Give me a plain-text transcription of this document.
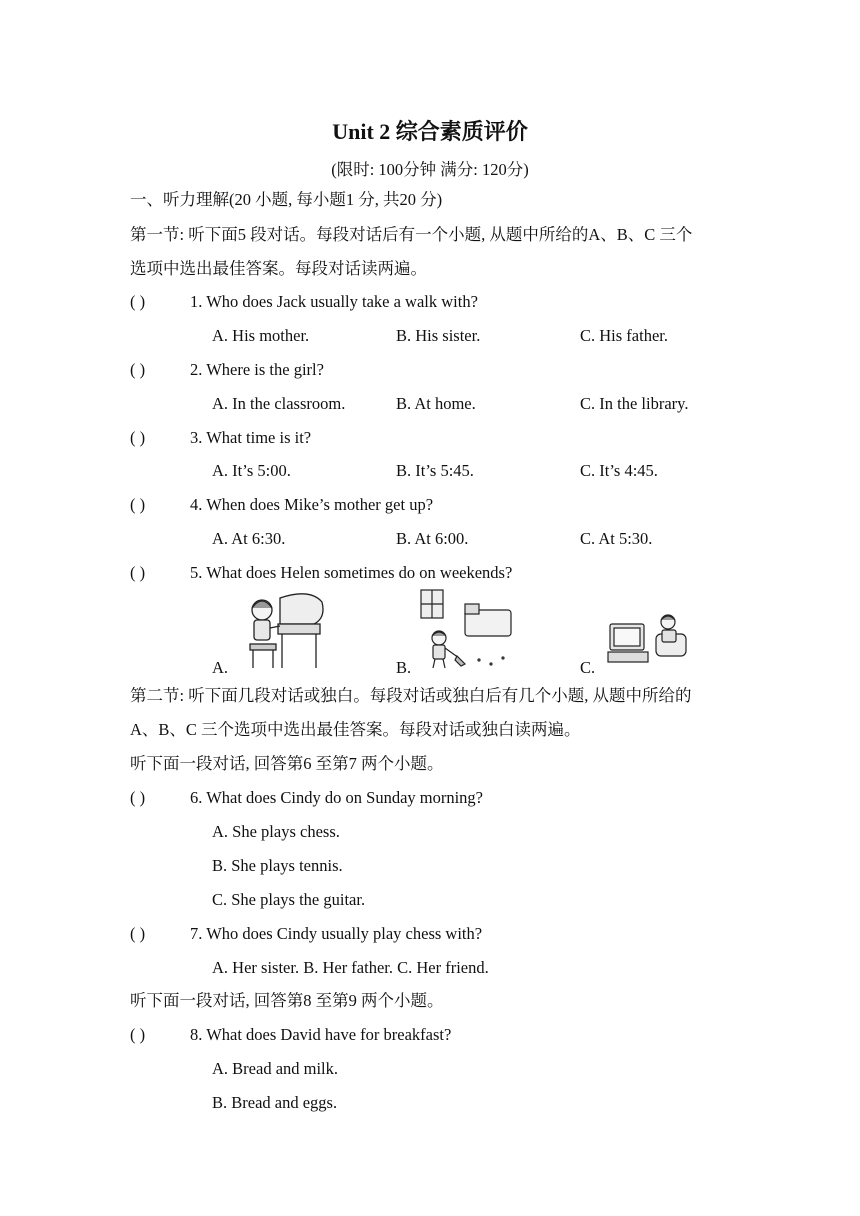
Unit 2 综合素质评价
(限时: 100分钟 满分: 120分)
一、听力理解(20 小题, 每小题1 分, 共20 分)
第一节: 听下面5 段对话。每段对话后有一个小题, 从题中所给的A、B、C 三个
选项中选出最佳答案。每段对话读两遍。
( )	1. Who does Jack usually take a walk with?
A. His mother.	B. His sister.	C. His father.
( )	2. Where is the girl?
A. In the classroom.	B. At home.	C. In the library.
( )	3. What time is it?
A. It’s 5:00.	B. It’s 5:45.	C. It’s 4:45.
( )	4. When does Mike’s mother get up?
A. At 6:30.	B. At 6:00.	C. At 5:30.
( )	5. What does Helen sometimes do on weekends?
A.	B.	C.
第二节: 听下面几段对话或独白。每段对话或独白后有几个小题, 从题中所给的
A、B、C 三个选项中选出最佳答案。每段对话或独白读两遍。
听下面一段对话, 回答第6 至第7 两个小题。
( )	6. What does Cindy do on Sunday morning?
A. She plays chess.
B. She plays tennis.
C. She plays the guitar.
( )	7. Who does Cindy usually play chess with?
A. Her sister. B. Her father. C. Her friend.
听下面一段对话, 回答第8 至第9 两个小题。
( )	8. What does David have for breakfast?
A. Bread and milk.
B. Bread and eggs.
